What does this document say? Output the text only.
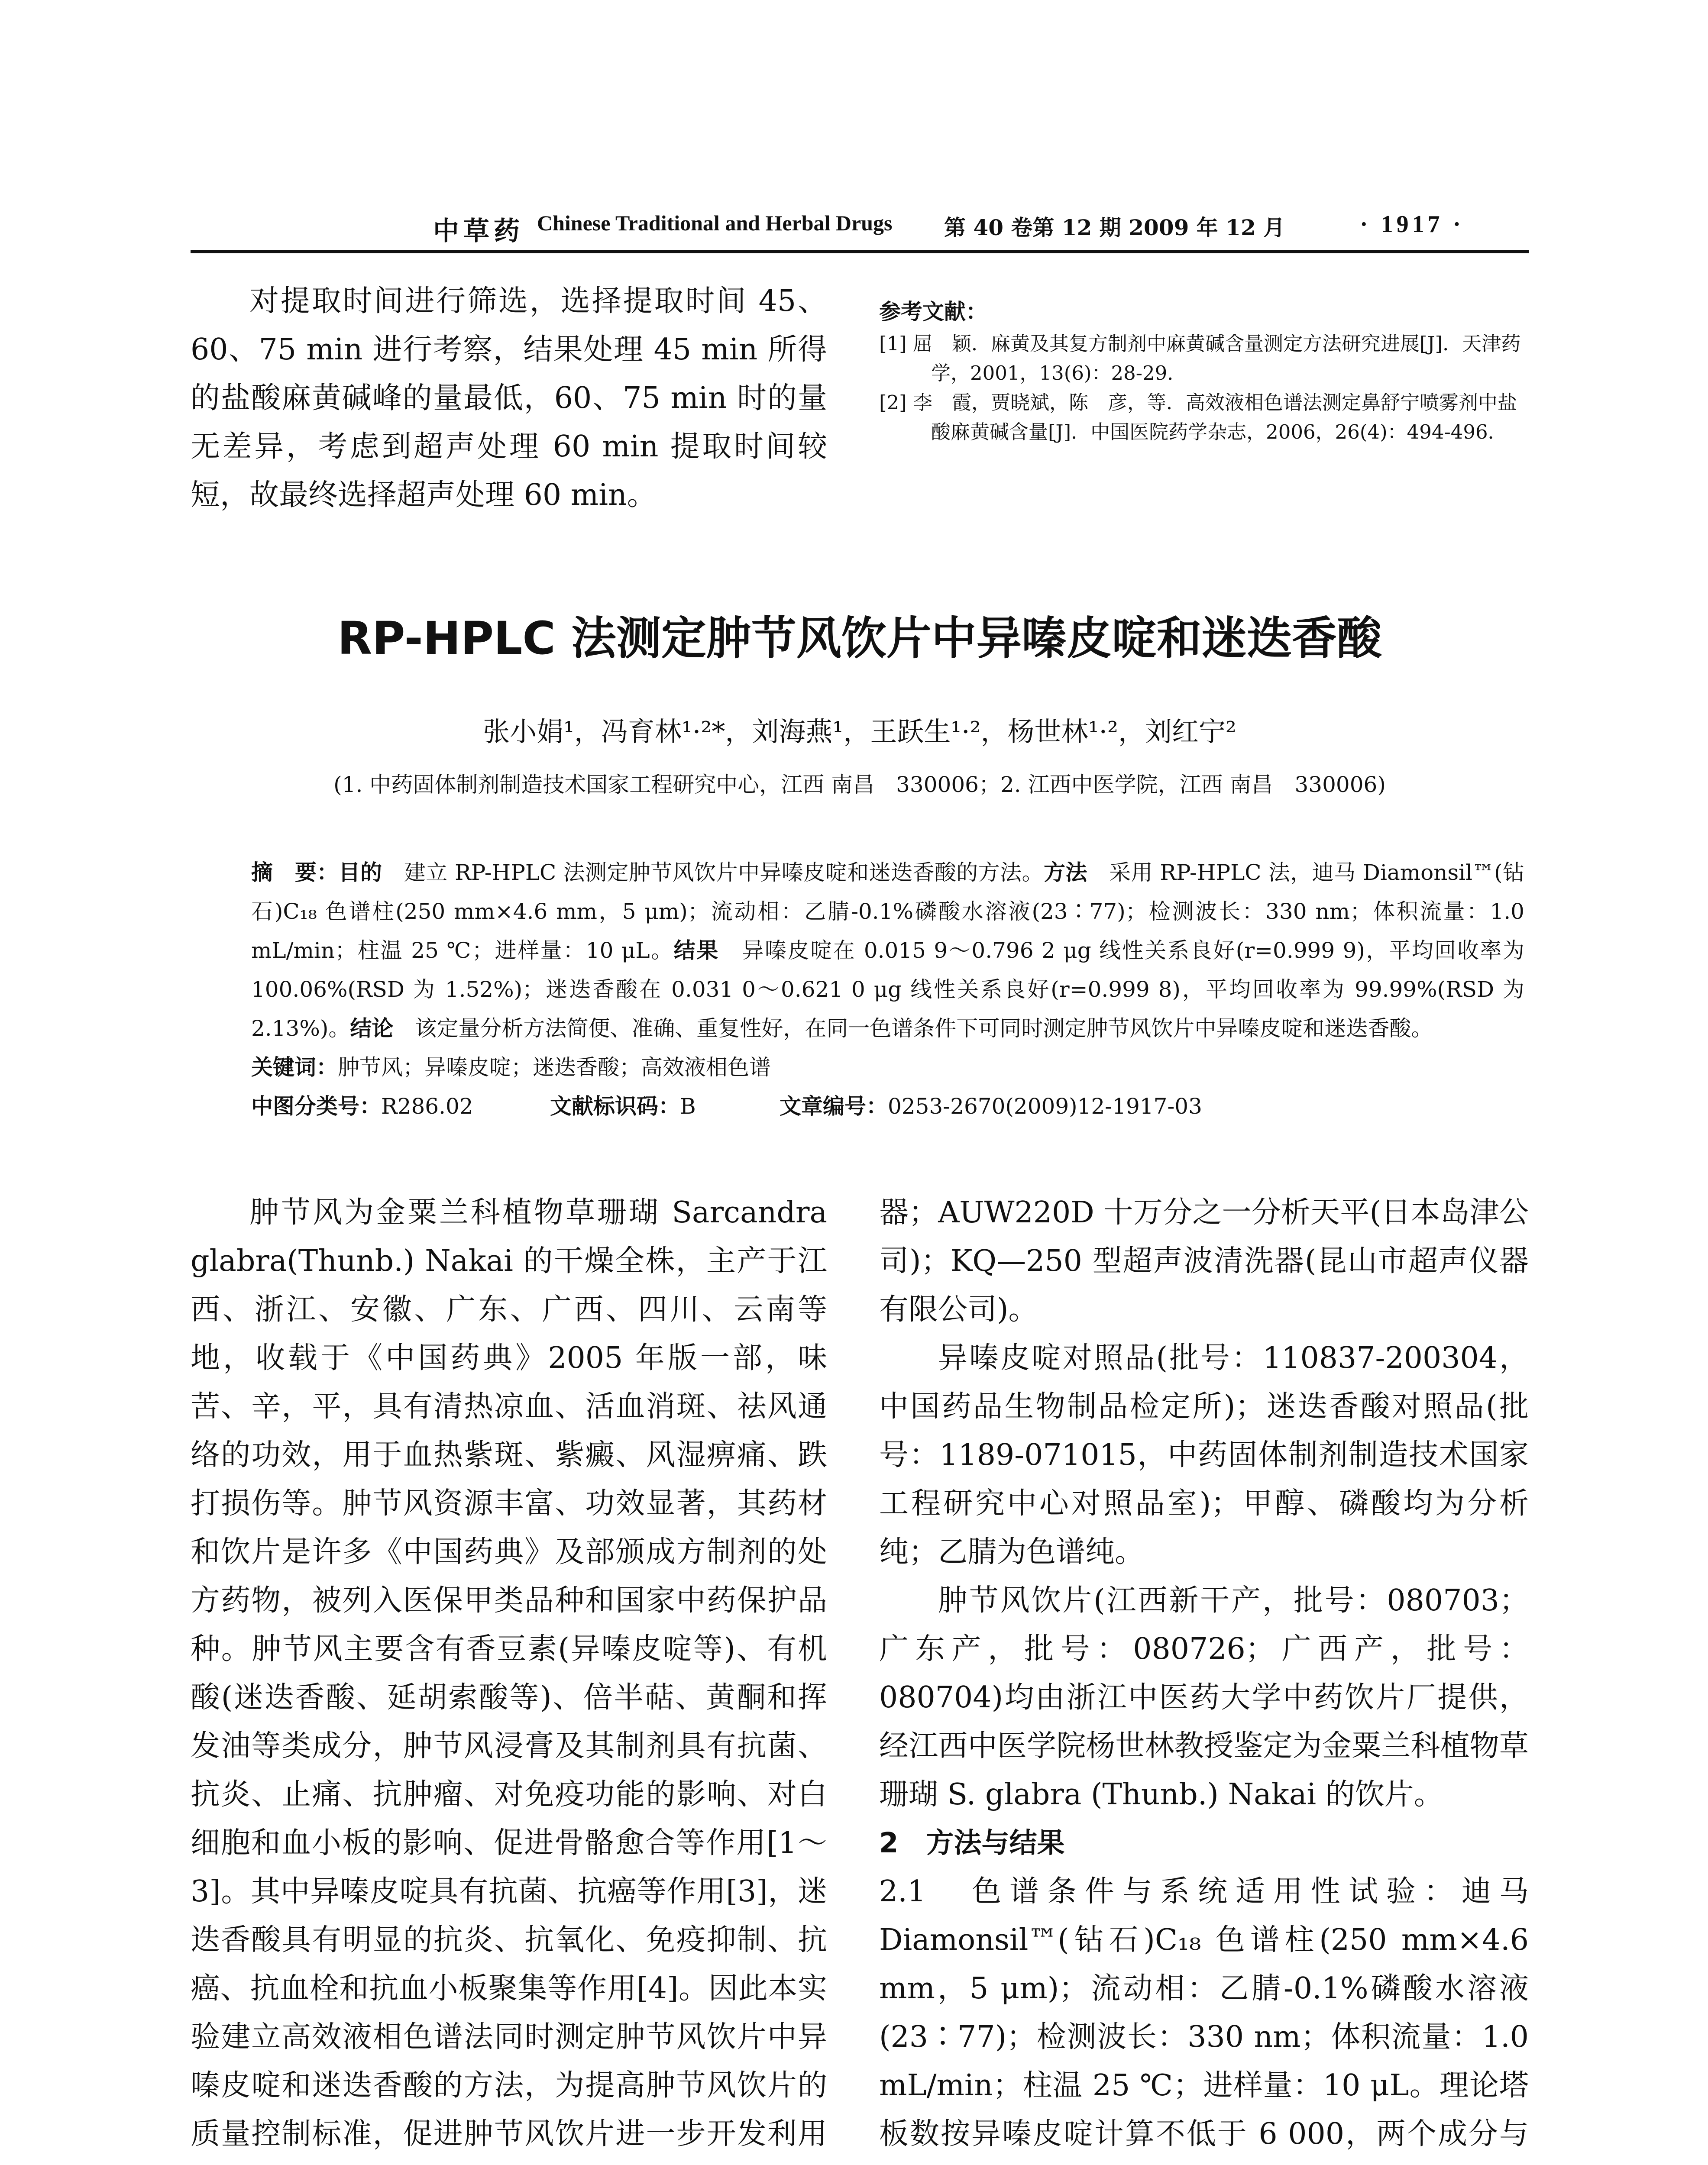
中草药 Chinese Traditional and Herbal Drugs 第 40 卷第 12 期 2009 年 12 月	· 1917 ·

对提取时间进行筛选，选择提取时间 45、60、75 min 进行考察，结果处理 45 min 所得的盐酸麻黄碱峰的量最低，60、75 min 时的量无差异，考虑到超声处理 60 min 提取时间较短，故最终选择超声处理 60 min。

参考文献：

[1] 屈　颖．麻黄及其复方制剂中麻黄碱含量测定方法研究进展[J]．天津药学，2001，13(6)：28-29．

[2] 李　霞，贾晓斌，陈　彦，等．高效液相色谱法测定鼻舒宁喷雾剂中盐酸麻黄碱含量[J]．中国医院药学杂志，2006，26(4)：494-496．

RP-HPLC 法测定肿节风饮片中异嗪皮啶和迷迭香酸
张小娟¹，冯育林¹·²*，刘海燕¹，王跃生¹·²，杨世林¹·²，刘红宁²
(1. 中药固体制剂制造技术国家工程研究中心，江西 南昌　330006；2. 江西中医学院，江西 南昌　330006)

摘　要：目的　 建立 RP-HPLC 法测定肿节风饮片中异嗪皮啶和迷迭香酸的方法。方法　 采用 RP-HPLC 法，迪马 Diamonsil™(钻石)C₁₈ 色谱柱(250 mm×4.6 mm，5 μm)；流动相：乙腈-0.1%磷酸水溶液(23∶77)；检测波长：330 nm；体积流量：1.0 mL/min；柱温 25 ℃；进样量：10 μL。结果　 异嗪皮啶在 0.015 9～0.796 2 μg 线性关系良好(r=0.999 9)，平均回收率为 100.06%(RSD 为 1.52%)；迷迭香酸在 0.031 0～0.621 0 μg 线性关系良好(r=0.999 8)，平均回收率为 99.99%(RSD 为 2.13%)。结论　 该定量分析方法简便、准确、重复性好，在同一色谱条件下可同时测定肿节风饮片中异嗪皮啶和迷迭香酸。

关键词：肿节风；异嗪皮啶；迷迭香酸；高效液相色谱

中图分类号：R286.02	文献标识码：B	文章编号：0253-2670(2009)12-1917-03

肿节风为金粟兰科植物草珊瑚 Sarcandra glabra(Thunb.) Nakai 的干燥全株，主产于江西、浙江、安徽、广东、广西、四川、云南等地，收载于《中国药典》2005 年版一部，味苦、辛，平，具有清热凉血、活血消斑、祛风通络的功效，用于血热紫斑、紫癜、风湿痹痛、跌打损伤等。肿节风资源丰富、功效显著，其药材和饮片是许多《中国药典》及部颁成方制剂的处方药物，被列入医保甲类品种和国家中药保护品种。肿节风主要含有香豆素(异嗪皮啶等)、有机酸(迷迭香酸、延胡索酸等)、倍半萜、黄酮和挥发油等类成分，肿节风浸膏及其制剂具有抗菌、抗炎、止痛、抗肿瘤、对免疫功能的影响、对白细胞和血小板的影响、促进骨骼愈合等作用[1～3]。其中异嗪皮啶具有抗菌、抗癌等作用[3]，迷迭香酸具有明显的抗炎、抗氧化、免疫抑制、抗癌、抗血栓和抗血小板聚集等作用[4]。因此本实验建立高效液相色谱法同时测定肿节风饮片中异嗪皮啶和迷迭香酸的方法，为提高肿节风饮片的质量控制标准，促进肿节风饮片进一步开发利用

器；AUW220D 十万分之一分析天平(日本岛津公司)；KQ—250 型超声波清洗器(昆山市超声仪器有限公司)。

异嗪皮啶对照品(批号：110837-200304，中国药品生物制品检定所)；迷迭香酸对照品(批号：1189-071015，中药固体制剂制造技术国家工程研究中心对照品室)；甲醇、磷酸均为分析纯；乙腈为色谱纯。

肿节风饮片(江西新干产，批号：080703；广东产，批号：080726；广西产，批号：080704)均由浙江中医药大学中药饮片厂提供，经江西中医学院杨世林教授鉴定为金粟兰科植物草珊瑚 S. glabra (Thunb.) Nakai 的饮片。

2　方法与结果

2.1　色谱条件与系统适用性试验：迪马 Diamonsil™(钻石)C₁₈ 色谱柱(250 mm×4.6 mm，5 μm)；流动相：乙腈-0.1%磷酸水溶液(23∶77)；检测波长：330 nm；体积流量：1.0 mL/min；柱温 25 ℃；进样量：10 μL。理论塔板数按异嗪皮啶计算不低于 6 000，两个成分与
